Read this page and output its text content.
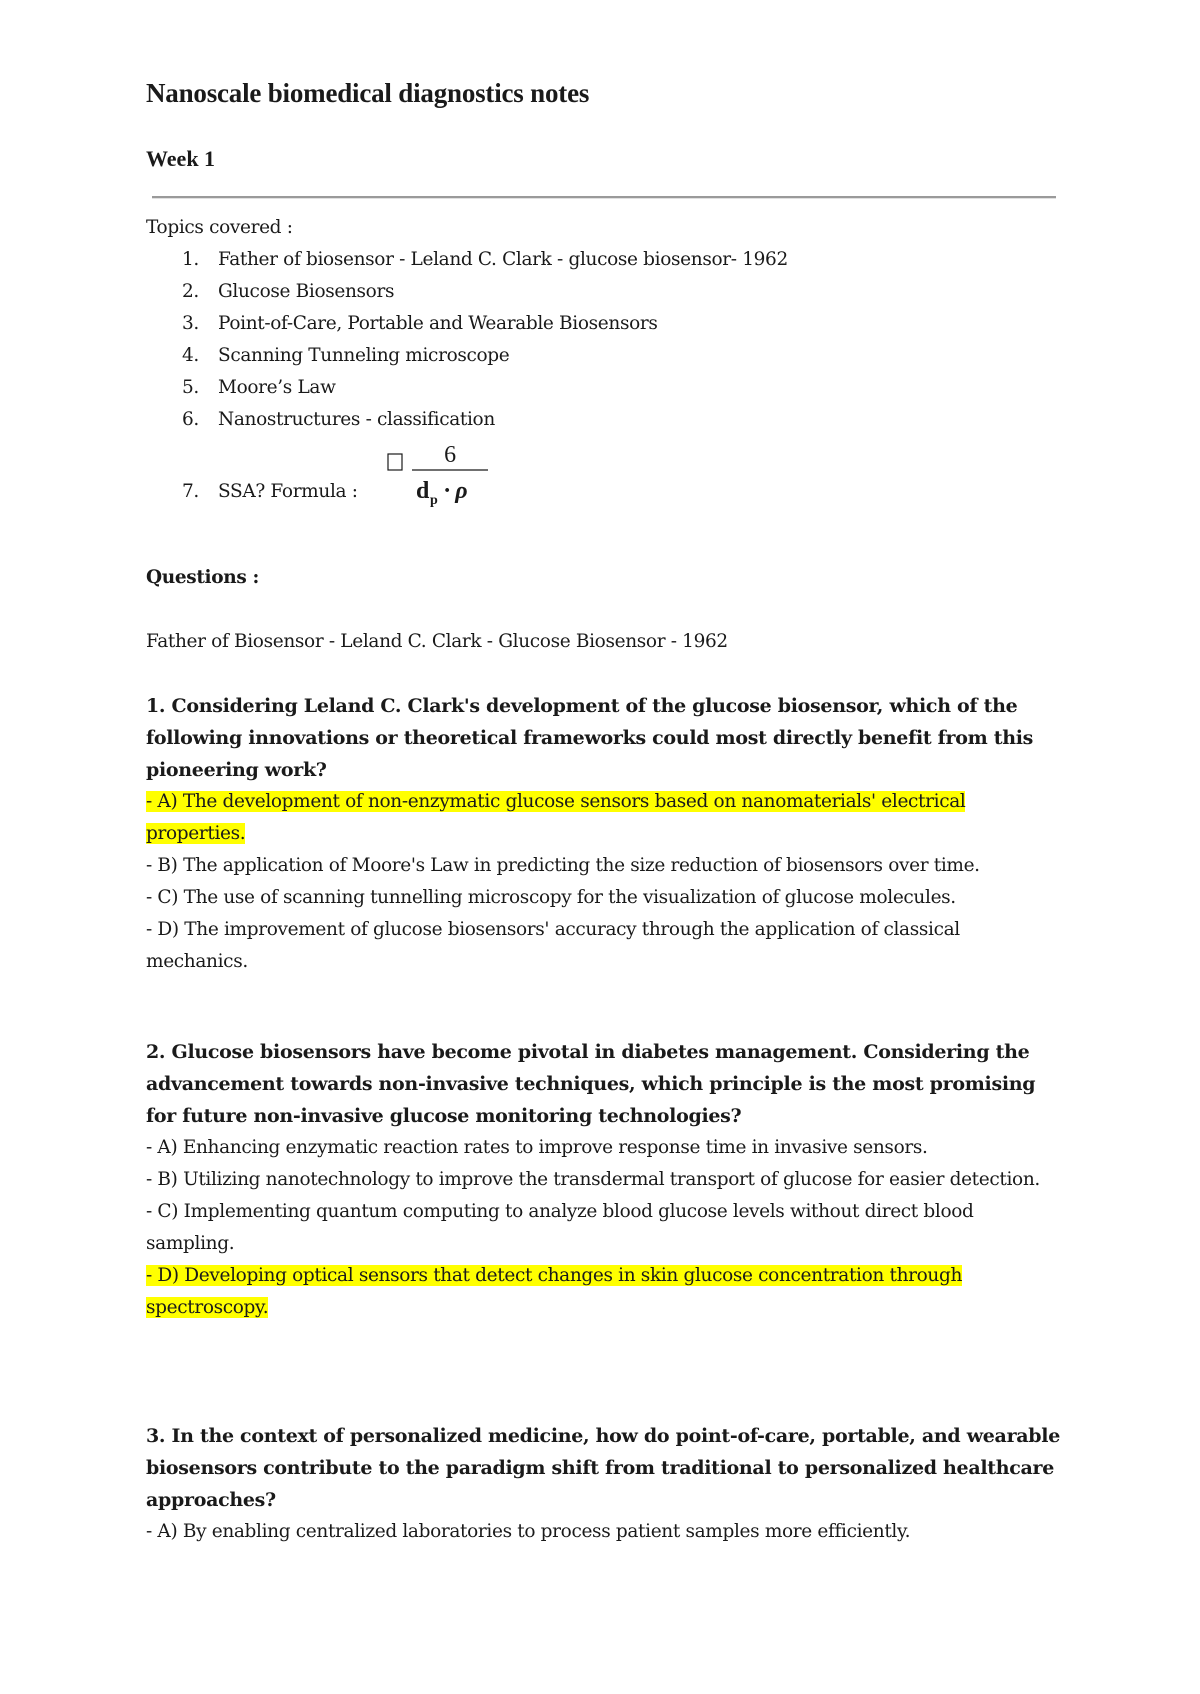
Nanoscale biomedical diagnostics notes
Week 1
Topics covered :
1.	Father of biosensor - Leland C. Clark - glucose biosensor- 1962
2.	Glucose Biosensors
3.	Point-of-Care, Portable and Wearable Biosensors
4.	Scanning Tunneling microscope
5.	Moore’s Law
6.	Nanostructures - classification
7.	SSA? Formula :
6
d p · ρ
Questions :
Father of Biosensor - Leland C. Clark - Glucose Biosensor - 1962

1. Considering Leland C. Clark's development of the glucose biosensor, which of the following innovations or theoretical frameworks could most directly benefit from this pioneering work?

- A) The development of non-enzymatic glucose sensors based on nanomaterials' electrical properties.

- B) The application of Moore's Law in predicting the size reduction of biosensors over time.

- C) The use of scanning tunnelling microscopy for the visualization of glucose molecules.

- D) The improvement of glucose biosensors' accuracy through the application of classical mechanics.

2. Glucose biosensors have become pivotal in diabetes management. Considering the advancement towards non-invasive techniques, which principle is the most promising for future non-invasive glucose monitoring technologies?

- A) Enhancing enzymatic reaction rates to improve response time in invasive sensors.

- B) Utilizing nanotechnology to improve the transdermal transport of glucose for easier detection.

- C) Implementing quantum computing to analyze blood glucose levels without direct blood sampling.

- D) Developing optical sensors that detect changes in skin glucose concentration through spectroscopy.

3. In the context of personalized medicine, how do point-of-care, portable, and wearable biosensors contribute to the paradigm shift from traditional to personalized healthcare approaches?

- A) By enabling centralized laboratories to process patient samples more efficiently.
